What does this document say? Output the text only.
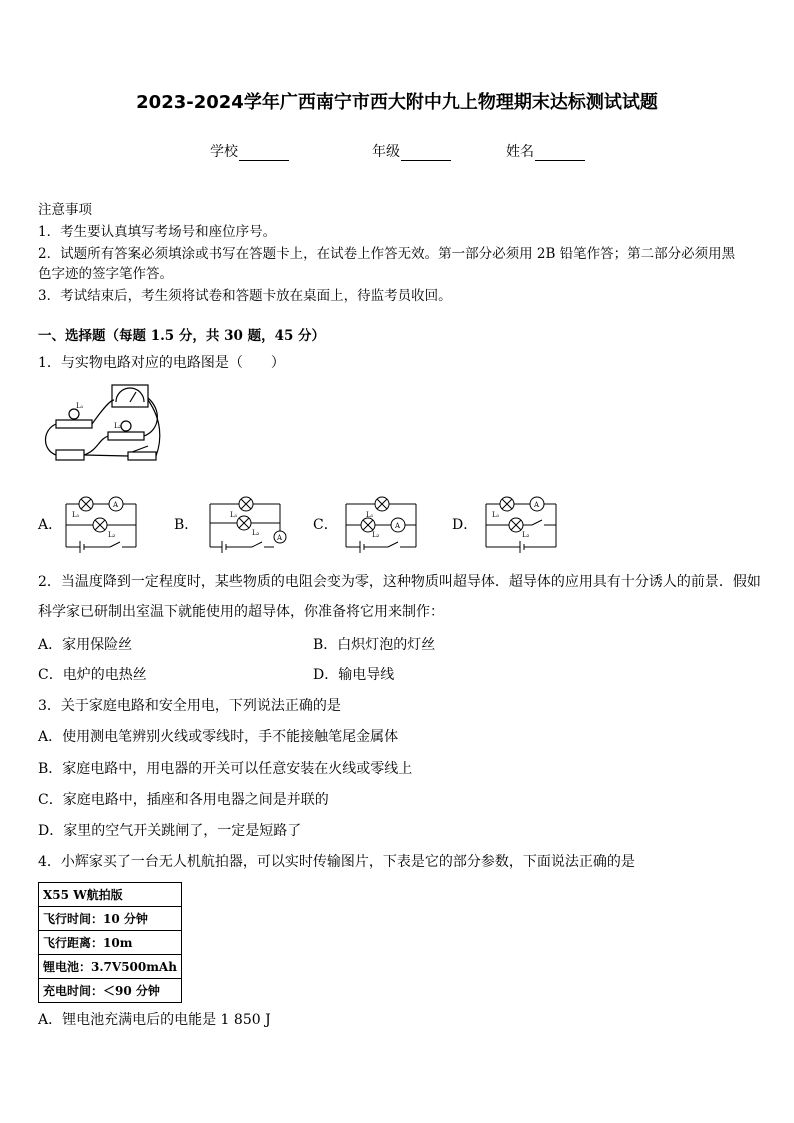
2023-2024学年广西南宁市西大附中九上物理期末达标测试试题
学校	年级	姓名
注意事项
1．考生要认真填写考场号和座位序号。
2．试题所有答案必须填涂或书写在答题卡上，在试卷上作答无效。第一部分必须用 2B 铅笔作答；第二部分必须用黑
色字迹的签字笔作答。
3．考试结束后，考生须将试卷和答题卡放在桌面上，待监考员收回。
一、选择题（每题 1.5 分，共 30 题，45 分）
1．与实物电路对应的电路图是（　　）
L₁
L₂
A．
A
L₁
L₂
B．
A
L₁
L₂	C．	A
L₁
L₂
D．
A
L₁
L₂
2．当温度降到一定程度时，某些物质的电阻会变为零，这种物质叫超导体．超导体的应用具有十分诱人的前景．假如
科学家已研制出室温下就能使用的超导体，你准备将它用来制作：
A．家用保险丝	B．白炽灯泡的灯丝
C．电炉的电热丝	D．输电导线
3．关于家庭电路和安全用电，下列说法正确的是
A．使用测电笔辨别火线或零线时，手不能接触笔尾金属体
B．家庭电路中，用电器的开关可以任意安装在火线或零线上
C．家庭电路中，插座和各用电器之间是并联的
D．家里的空气开关跳闸了，一定是短路了
4．小辉家买了一台无人机航拍器，可以实时传输图片，下表是它的部分参数，下面说法正确的是
X55 W航拍版
飞行时间：10 分钟
飞行距离：10m
锂电池：3.7V500mAh
充电时间：＜90 分钟
A．锂电池充满电后的电能是 1 850 J
